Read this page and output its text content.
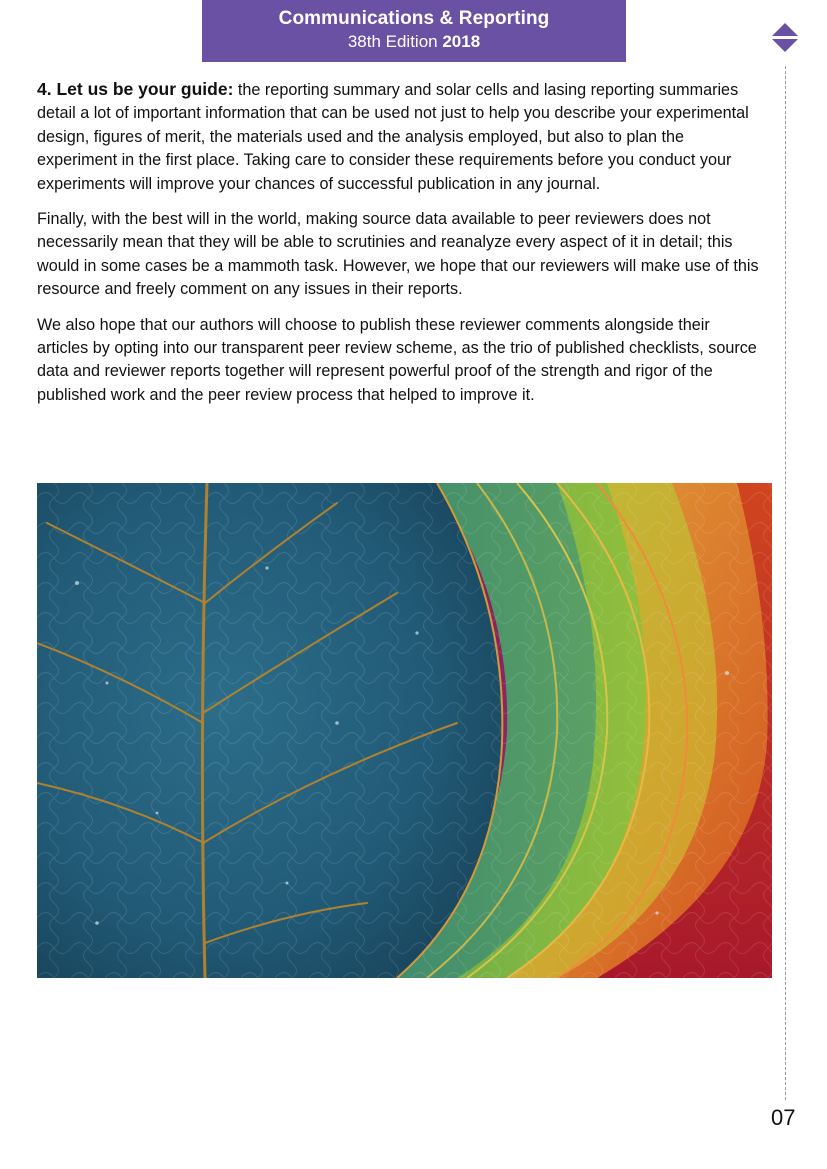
Communications & Reporting
38th Edition 2018

4. Let us be your guide: the reporting summary and solar cells and lasing reporting summaries detail a lot of important information that can be used not just to help you describe your experimental design, figures of merit, the materials used and the analysis employed, but also to plan the experiment in the first place. Taking care to consider these requirements before you conduct your experiments will improve your chances of successful publication in any journal.

Finally, with the best will in the world, making source data available to peer reviewers does not necessarily mean that they will be able to scrutinies and reanalyze every aspect of it in detail; this would in some cases be a mammoth task. However, we hope that our reviewers will make use of this resource and freely comment on any issues in their reports.

We also hope that our authors will choose to publish these reviewer comments alongside their articles by opting into our transparent peer review scheme, as the trio of published checklists, source data and reviewer reports together will represent powerful proof of the strength and rigor of the published work and the peer review process that helped to improve it.

07
